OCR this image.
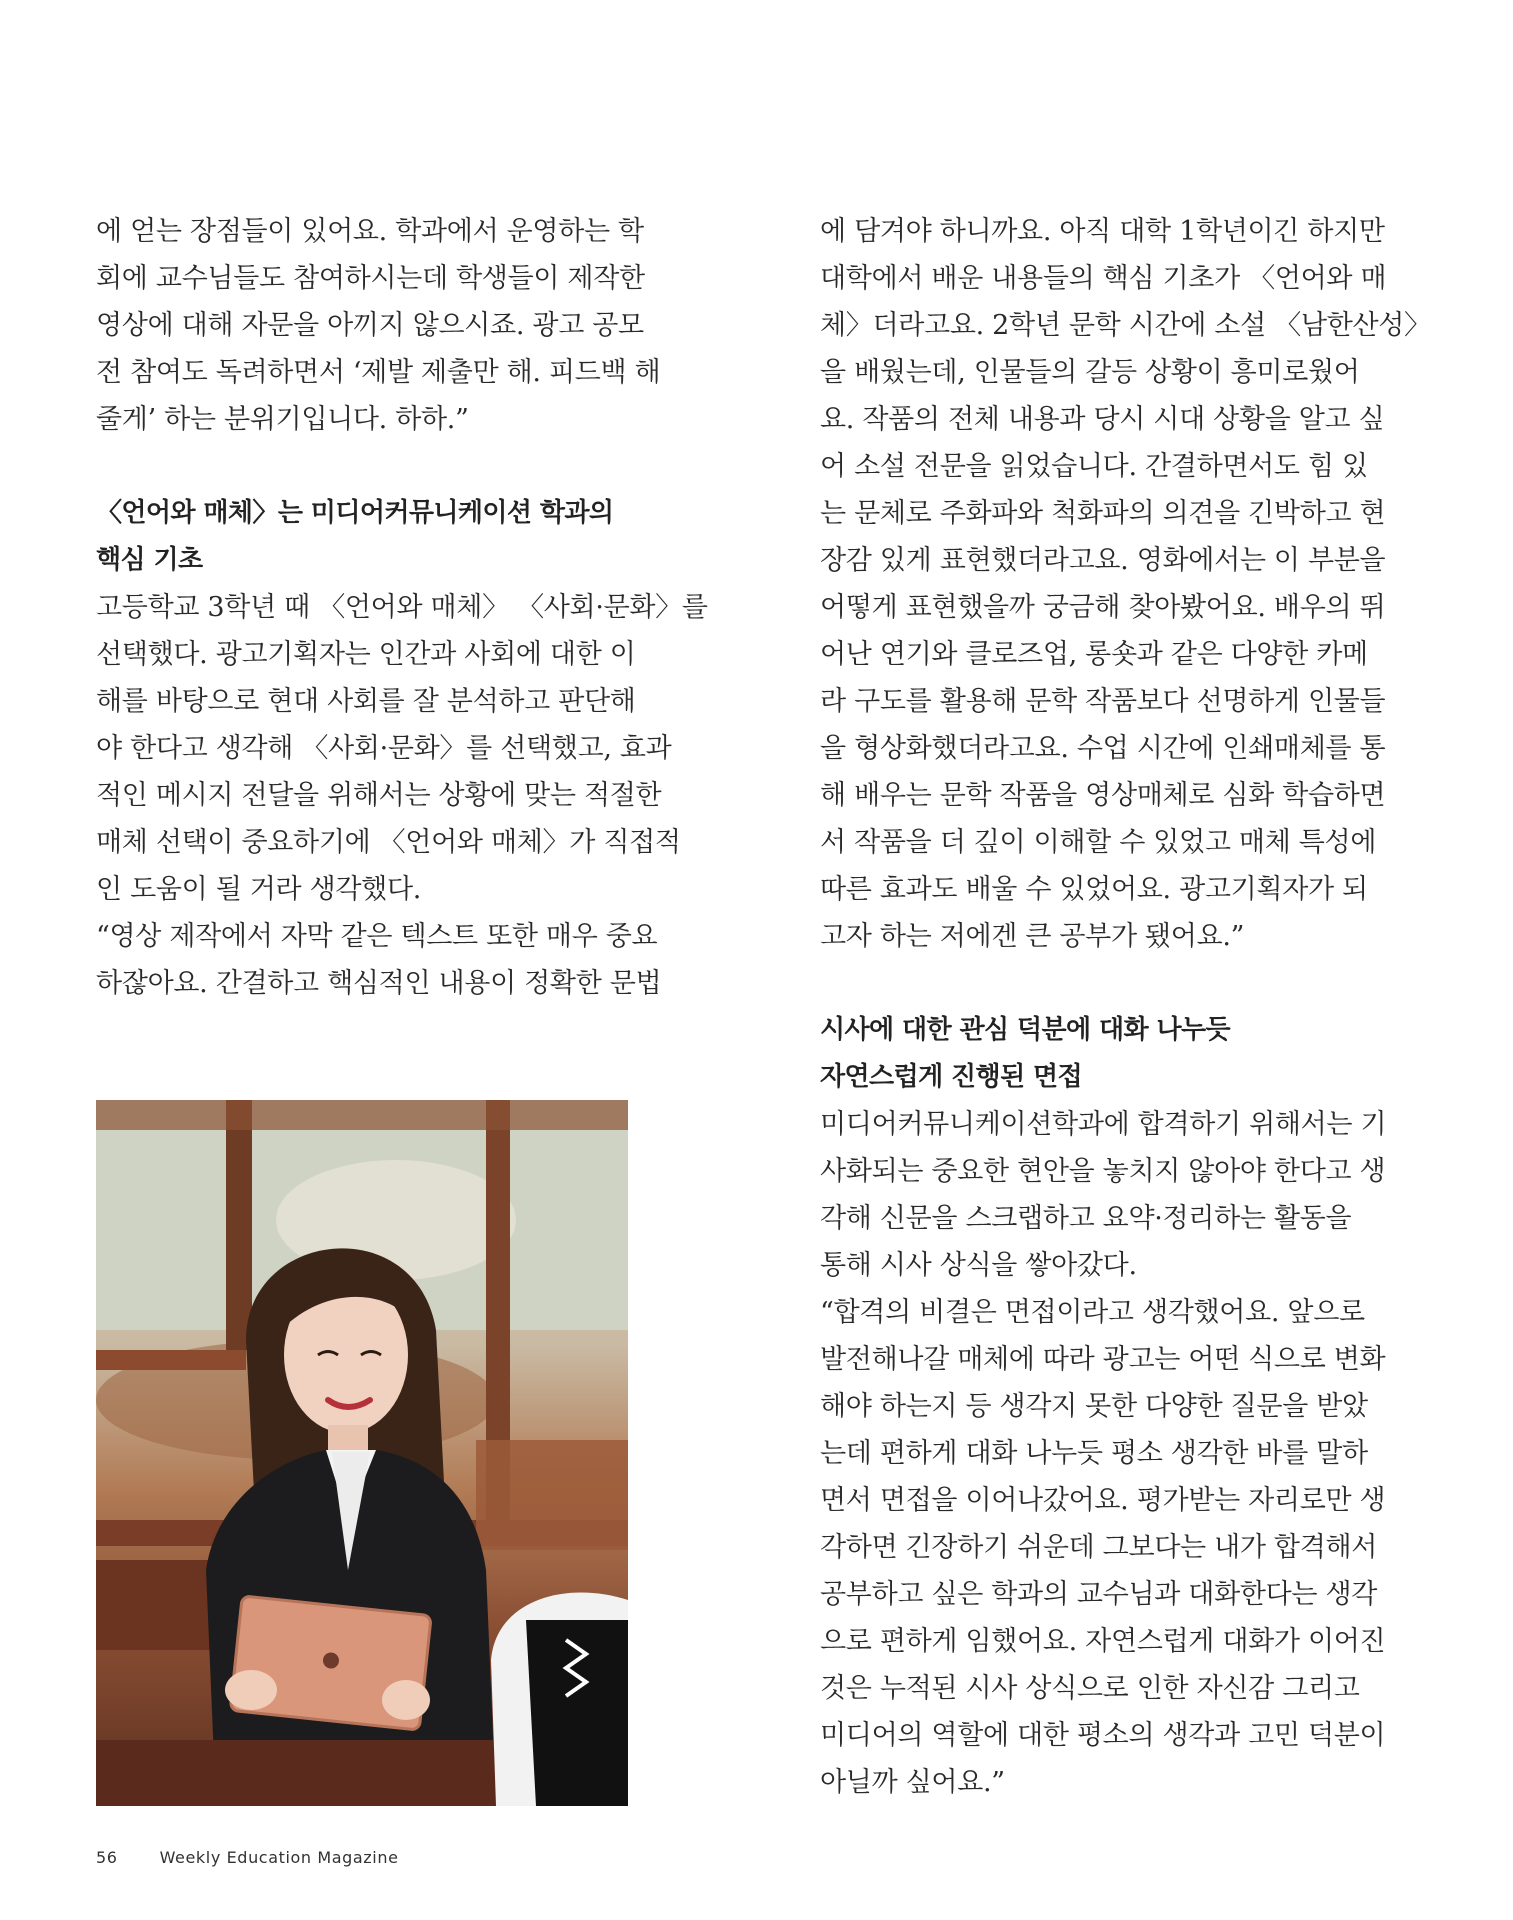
에 얻는 장점들이 있어요. 학과에서 운영하는 학
회에 교수님들도 참여하시는데 학생들이 제작한
영상에 대해 자문을 아끼지 않으시죠. 광고 공모
전 참여도 독려하면서 ‘제발 제출만 해. 피드백 해
줄게’ 하는 분위기입니다. 하하.”
〈언어와 매체〉는 미디어커뮤니케이션 학과의
핵심 기초
고등학교 3학년 때 〈언어와 매체〉 〈사회·문화〉를
선택했다. 광고기획자는 인간과 사회에 대한 이
해를 바탕으로 현대 사회를 잘 분석하고 판단해
야 한다고 생각해 〈사회·문화〉를 선택했고, 효과
적인 메시지 전달을 위해서는 상황에 맞는 적절한
매체 선택이 중요하기에 〈언어와 매체〉가 직접적
인 도움이 될 거라 생각했다.
“영상 제작에서 자막 같은 텍스트 또한 매우 중요
하잖아요. 간결하고 핵심적인 내용이 정확한 문법
에 담겨야 하니까요. 아직 대학 1학년이긴 하지만
대학에서 배운 내용들의 핵심 기초가 〈언어와 매
체〉더라고요. 2학년 문학 시간에 소설 〈남한산성〉
을 배웠는데, 인물들의 갈등 상황이 흥미로웠어
요. 작품의 전체 내용과 당시 시대 상황을 알고 싶
어 소설 전문을 읽었습니다. 간결하면서도 힘 있
는 문체로 주화파와 척화파의 의견을 긴박하고 현
장감 있게 표현했더라고요. 영화에서는 이 부분을
어떻게 표현했을까 궁금해 찾아봤어요. 배우의 뛰
어난 연기와 클로즈업, 롱숏과 같은 다양한 카메
라 구도를 활용해 문학 작품보다 선명하게 인물들
을 형상화했더라고요. 수업 시간에 인쇄매체를 통
해 배우는 문학 작품을 영상매체로 심화 학습하면
서 작품을 더 깊이 이해할 수 있었고 매체 특성에
따른 효과도 배울 수 있었어요. 광고기획자가 되
고자 하는 저에겐 큰 공부가 됐어요.”
시사에 대한 관심 덕분에 대화 나누듯
자연스럽게 진행된 면접
미디어커뮤니케이션학과에 합격하기 위해서는 기
사화되는 중요한 현안을 놓치지 않아야 한다고 생
각해 신문을 스크랩하고 요약·정리하는 활동을
통해 시사 상식을 쌓아갔다.
“합격의 비결은 면접이라고 생각했어요. 앞으로
발전해나갈 매체에 따라 광고는 어떤 식으로 변화
해야 하는지 등 생각지 못한 다양한 질문을 받았
는데 편하게 대화 나누듯 평소 생각한 바를 말하
면서 면접을 이어나갔어요. 평가받는 자리로만 생
각하면 긴장하기 쉬운데 그보다는 내가 합격해서
공부하고 싶은 학과의 교수님과 대화한다는 생각
으로 편하게 임했어요. 자연스럽게 대화가 이어진
것은 누적된 시사 상식으로 인한 자신감 그리고
미디어의 역할에 대한 평소의 생각과 고민 덕분이
아닐까 싶어요.”
56	Weekly Education Magazine
